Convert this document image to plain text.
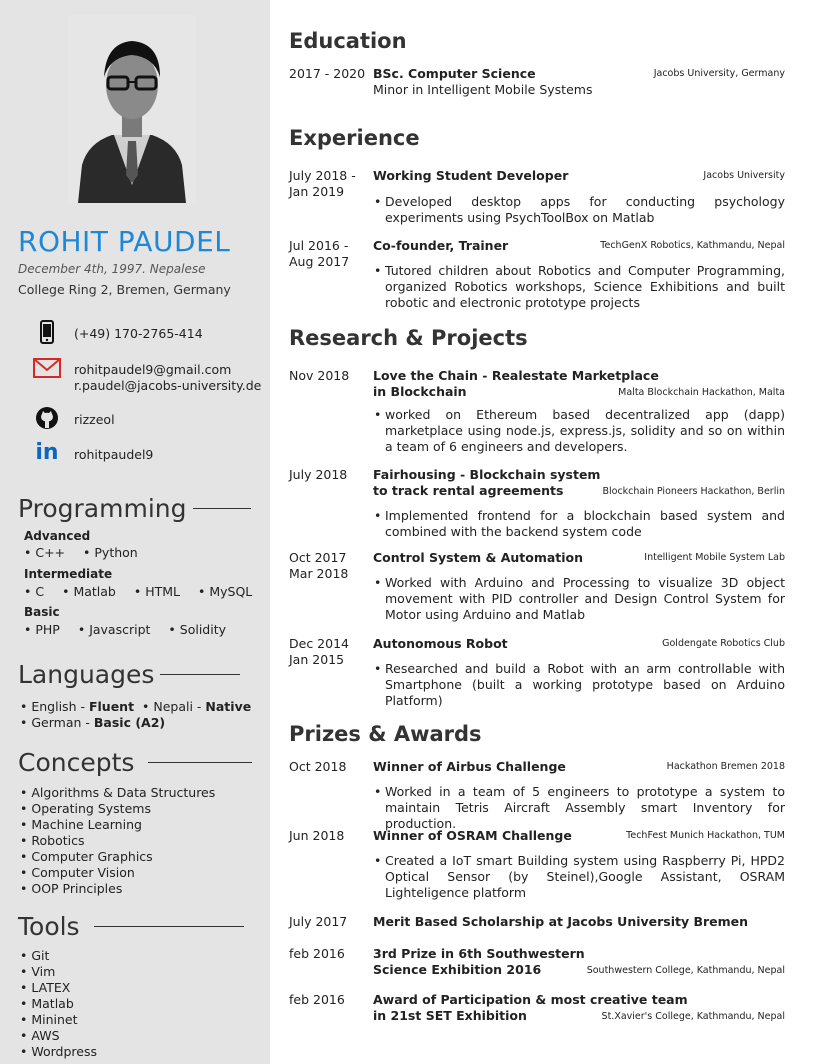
ROHIT PAUDEL
December 4th, 1997. Nepalese
College Ring 2, Bremen, Germany
(+49) 170-2765-414
rohitpaudel9@gmail.com
r.paudel@jacobs-university.de
rizzeol
in rohitpaudel9
Programming
Advanced
• C++ • Python
Intermediate
• C • Matlab • HTML • MySQL
Basic
• PHP • Javascript • Solidity
Languages
• English - Fluent  • Nepali - Native
• German - Basic (A2)
Concepts
• Algorithms & Data Structures
• Operating Systems
• Machine Learning
• Robotics
• Computer Graphics
• Computer Vision
• OOP Principles
Tools
• Git
• Vim
• LATEX
• Matlab
• Mininet
• AWS
• Wordpress
Education
2017 - 2020 BSc. Computer Science	Jacobs University, Germany
Minor in Intelligent Mobile Systems
Experience
July 2018 -
Jan 2019
Working Student Developer	Jacobs University
• Developed desktop apps for conducting psychology experiments using PsychToolBox on Matlab
Jul 2016 -
Aug 2017
Co-founder, Trainer	TechGenX Robotics, Kathmandu, Nepal
• Tutored children about Robotics and Computer Programming, organized Robotics workshops, Science Exhibitions and built robotic and electronic prototype projects
Research & Projects
Nov 2018	Love the Chain - Realestate Marketplace
in Blockchain	Malta Blockchain Hackathon, Malta
• worked on Ethereum based decentralized app (dapp) marketplace using node.js, express.js, solidity and so on within a team of 6 engineers and developers.
July 2018	Fairhousing - Blockchain system
to track rental agreements	Blockchain Pioneers Hackathon, Berlin
• Implemented frontend for a blockchain based system and combined with the backend system code
Oct 2017
Mar 2018
Control System & Automation	Intelligent Mobile System Lab
• Worked with Arduino and Processing to visualize 3D object movement with PID controller and Design Control System for Motor using Arduino and Matlab
Dec 2014
Jan 2015
Autonomous Robot	Goldengate Robotics Club
• Researched and build a Robot with an arm controllable with Smartphone (built a working prototype based on Arduino Platform)
Prizes & Awards
Oct 2018	Winner of Airbus Challenge	Hackathon Bremen 2018
• Worked in a team of 5 engineers to prototype a system to maintain Tetris Aircraft Assembly smart Inventory for production.
Jun 2018	Winner of OSRAM Challenge	TechFest Munich Hackathon, TUM
• Created a IoT smart Building system using Raspberry Pi, HPD2 Optical Sensor (by Steinel),Google Assistant, OSRAM Lighteligence platform
July 2017	Merit Based Scholarship at Jacobs University Bremen
feb 2016	3rd Prize in 6th Southwestern
Science Exhibition 2016	Southwestern College, Kathmandu, Nepal
feb 2016	Award of Participation & most creative team
in 21st SET Exhibition	St.Xavier's College, Kathmandu, Nepal
